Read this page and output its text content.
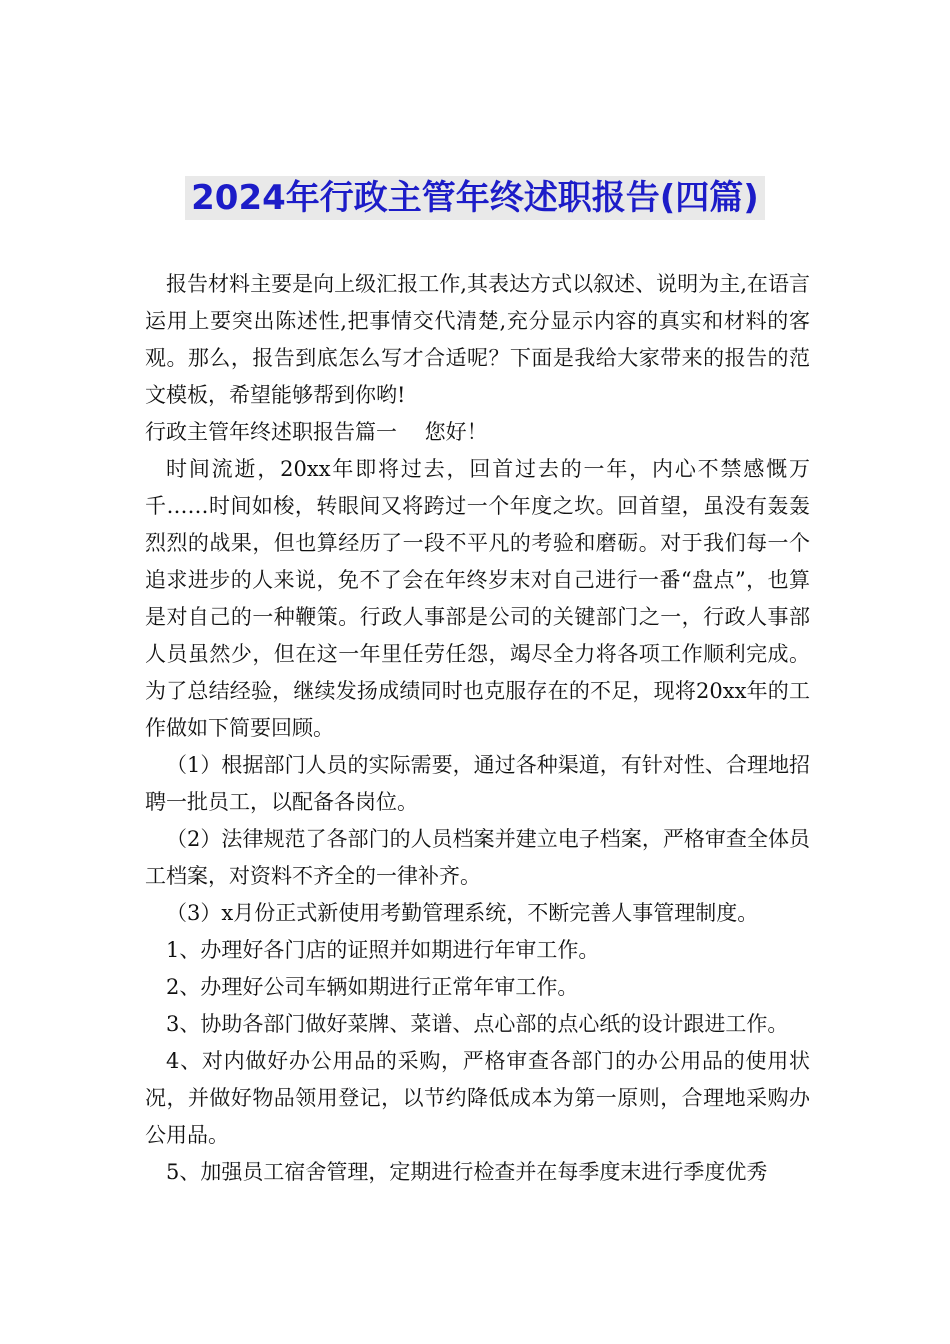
2024年行政主管年终述职报告(四篇)

报告材料主要是向上级汇报工作,其表达方式以叙述、说明为主,在语言运用上要突出陈述性,把事情交代清楚,充分显示内容的真实和材料的客观。那么，报告到底怎么写才合适呢？下面是我给大家带来的报告的范文模板，希望能够帮到你哟!

行政主管年终述职报告篇一　 您好！

时间流逝，20xx年即将过去，回首过去的一年，内心不禁感慨万千……时间如梭，转眼间又将跨过一个年度之坎。回首望，虽没有轰轰烈烈的战果，但也算经历了一段不平凡的考验和磨砺。对于我们每一个追求进步的人来说，免不了会在年终岁末对自己进行一番“盘点”，也算是对自己的一种鞭策。行政人事部是公司的关键部门之一，行政人事部人员虽然少，但在这一年里任劳任怨，竭尽全力将各项工作顺利完成。为了总结经验，继续发扬成绩同时也克服存在的不足，现将20xx年的工作做如下简要回顾。

（1）根据部门人员的实际需要，通过各种渠道，有针对性、合理地招聘一批员工，以配备各岗位。

（2）法律规范了各部门的人员档案并建立电子档案，严格审查全体员工档案，对资料不齐全的一律补齐。

（3）x月份正式新使用考勤管理系统，不断完善人事管理制度。

1、办理好各门店的证照并如期进行年审工作。

2、办理好公司车辆如期进行正常年审工作。

3、协助各部门做好菜牌、菜谱、点心部的点心纸的设计跟进工作。

4、对内做好办公用品的采购，严格审查各部门的办公用品的使用状况，并做好物品领用登记，以节约降低成本为第一原则，合理地采购办公用品。

5、加强员工宿舍管理，定期进行检查并在每季度末进行季度优秀
